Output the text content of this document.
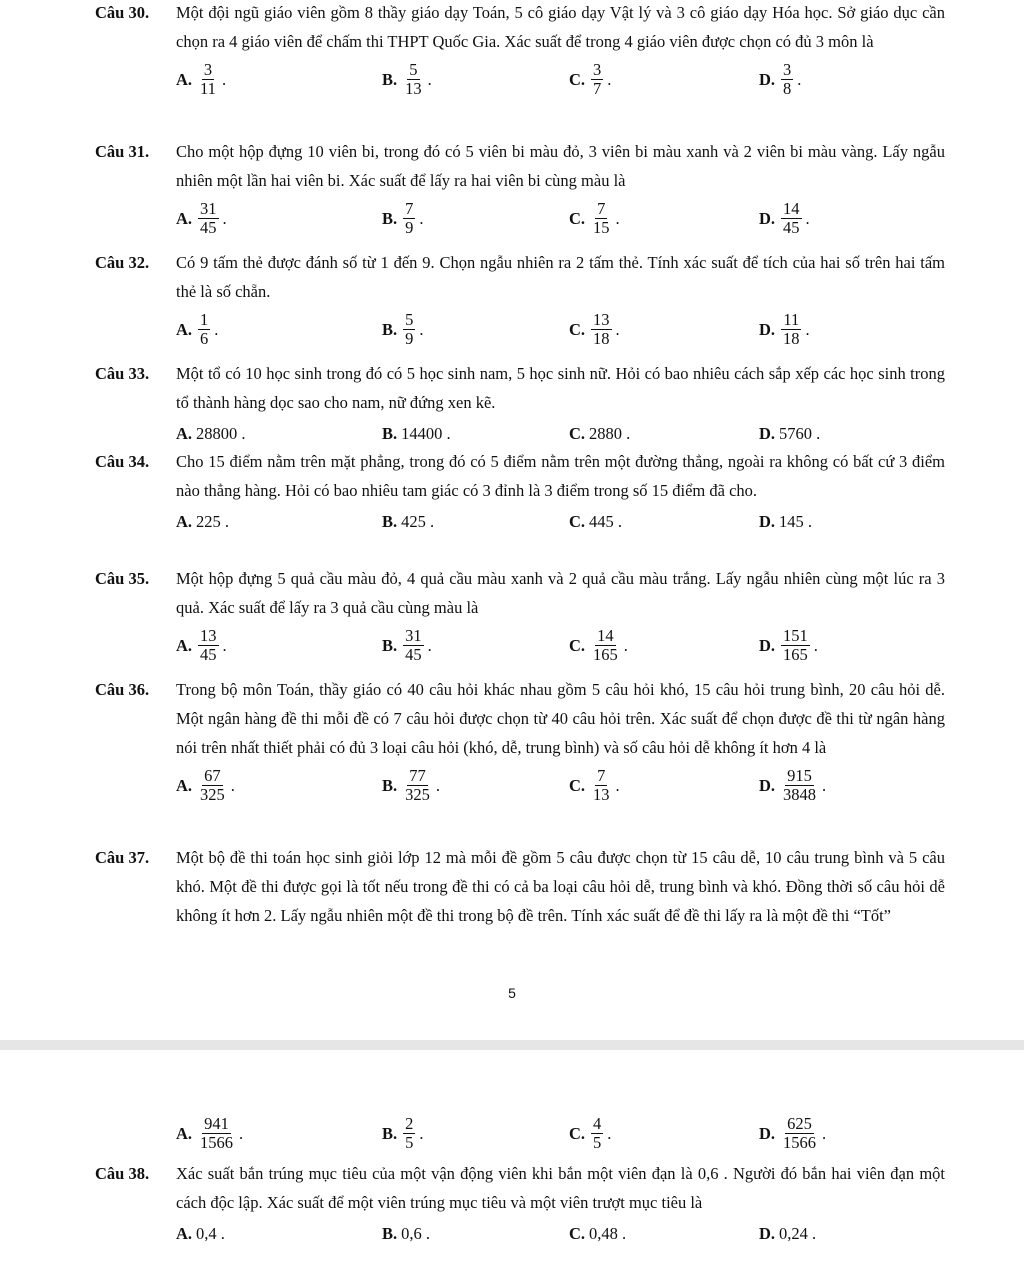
Câu 30. Một đội ngũ giáo viên gồm 8 thầy giáo dạy Toán, 5 cô giáo dạy Vật lý và 3 cô giáo dạy Hóa học. Sở giáo dục cần chọn ra 4 giáo viên để chấm thi THPT Quốc Gia. Xác suất để trong 4 giáo viên được chọn có đủ 3 môn là
A. $\frac{3}{11}$ .	B. $\frac{5}{13}$ .	C. $\frac{3}{7}$ .	D. $\frac{3}{8}$ .
Câu 31. Cho một hộp đựng 10 viên bi, trong đó có 5 viên bi màu đỏ, 3 viên bi màu xanh và 2 viên bi màu vàng. Lấy ngẫu nhiên một lần hai viên bi. Xác suất để lấy ra hai viên bi cùng màu là
A. $\frac{31}{45}$ .	B. $\frac{7}{9}$ .	C. $\frac{7}{15}$ .	D. $\frac{14}{45}$ .
Câu 32. Có 9 tấm thẻ được đánh số từ 1 đến 9. Chọn ngẫu nhiên ra 2 tấm thẻ. Tính xác suất để tích của hai số trên hai tấm thẻ là số chẵn.
A. $\frac{1}{6}$ .	B. $\frac{5}{9}$ .	C. $\frac{13}{18}$ .	D. $\frac{11}{18}$ .
Câu 33. Một tổ có 10 học sinh trong đó có 5 học sinh nam, 5 học sinh nữ. Hỏi có bao nhiêu cách sắp xếp các học sinh trong tổ thành hàng dọc sao cho nam, nữ đứng xen kẽ.
A. 28800 .	B. 14400 .	C. 2880 .	D. 5760 .
Câu 34. Cho 15 điểm nằm trên mặt phẳng, trong đó có 5 điểm nằm trên một đường thẳng, ngoài ra không có bất cứ 3 điểm nào thẳng hàng. Hỏi có bao nhiêu tam giác có 3 đỉnh là 3 điểm trong số 15 điểm đã cho.
A. 225 .	B. 425 .	C. 445 .	D. 145 .
Câu 35. Một hộp đựng 5 quả cầu màu đỏ, 4 quả cầu màu xanh và 2 quả cầu màu trắng. Lấy ngẫu nhiên cùng một lúc ra 3 quả. Xác suất để lấy ra 3 quả cầu cùng màu là
A. $\frac{13}{45}$ .	B. $\frac{31}{45}$ .	C. $\frac{14}{165}$ .	D. $\frac{151}{165}$ .
Câu 36. Trong bộ môn Toán, thầy giáo có 40 câu hỏi khác nhau gồm 5 câu hỏi khó, 15 câu hỏi trung bình, 20 câu hỏi dễ. Một ngân hàng đề thi mỗi đề có 7 câu hỏi được chọn từ 40 câu hỏi trên. Xác suất để chọn được đề thi từ ngân hàng nói trên nhất thiết phải có đủ 3 loại câu hỏi (khó, dễ, trung bình) và số câu hỏi dễ không ít hơn 4 là
A. $\frac{67}{325}$ .	B. $\frac{77}{325}$ .	C. $\frac{7}{13}$ .	D. $\frac{915}{3848}$ .
Câu 37. Một bộ đề thi toán học sinh giỏi lớp 12 mà mỗi đề gồm 5 câu được chọn từ 15 câu dễ, 10 câu trung bình và 5 câu khó. Một đề thi được gọi là tốt nếu trong đề thi có cả ba loại câu hỏi dễ, trung bình và khó. Đồng thời số câu hỏi dễ không ít hơn 2. Lấy ngẫu nhiên một đề thi trong bộ đề trên. Tính xác suất để đề thi lấy ra là một đề thi “Tốt”
5
A. $\frac{941}{1566}$ .	B. $\frac{2}{5}$ .	C. $\frac{4}{5}$ .	D. $\frac{625}{1566}$ .
Câu 38. Xác suất bắn trúng mục tiêu của một vận động viên khi bắn một viên đạn là 0,6 . Người đó bắn hai viên đạn một cách độc lập. Xác suất để một viên trúng mục tiêu và một viên trượt mục tiêu là
A. 0,4 .	B. 0,6 .	C. 0,48 .	D. 0,24 .
